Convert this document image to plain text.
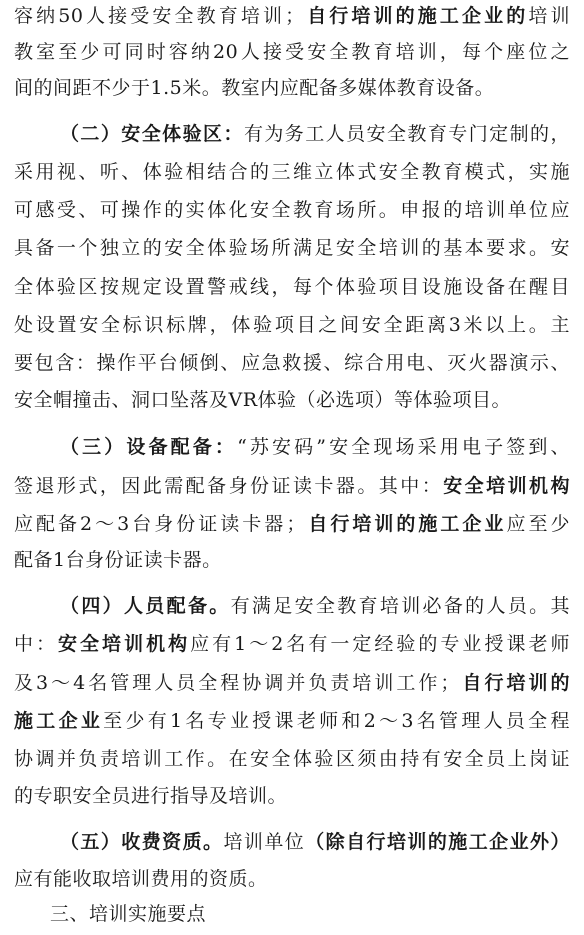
容纳50人接受安全教育培训；自行培训的施工企业的培训
教室至少可同时容纳20人接受安全教育培训，每个座位之
间的间距不少于1.5米。教室内应配备多媒体教育设备。
（二）安全体验区：有为务工人员安全教育专门定制的，
采用视、听、体验相结合的三维立体式安全教育模式，实施
可感受、可操作的实体化安全教育场所。申报的培训单位应
具备一个独立的安全体验场所满足安全培训的基本要求。安
全体验区按规定设置警戒线，每个体验项目设施设备在醒目
处设置安全标识标牌，体验项目之间安全距离3米以上。主
要包含：操作平台倾倒、应急救援、综合用电、灭火器演示、
安全帽撞击、洞口坠落及VR体验（必选项）等体验项目。
（三）设备配备：“苏安码”安全现场采用电子签到、
签退形式，因此需配备身份证读卡器。其中：安全培训机构
应配备2～3台身份证读卡器；自行培训的施工企业应至少
配备1台身份证读卡器。
（四）人员配备。有满足安全教育培训必备的人员。其
中：安全培训机构应有1～2名有一定经验的专业授课老师
及3～4名管理人员全程协调并负责培训工作；自行培训的
施工企业至少有1名专业授课老师和2～3名管理人员全程
协调并负责培训工作。在安全体验区须由持有安全员上岗证
的专职安全员进行指导及培训。
（五）收费资质。培训单位（除自行培训的施工企业外）
应有能收取培训费用的资质。
三、培训实施要点
